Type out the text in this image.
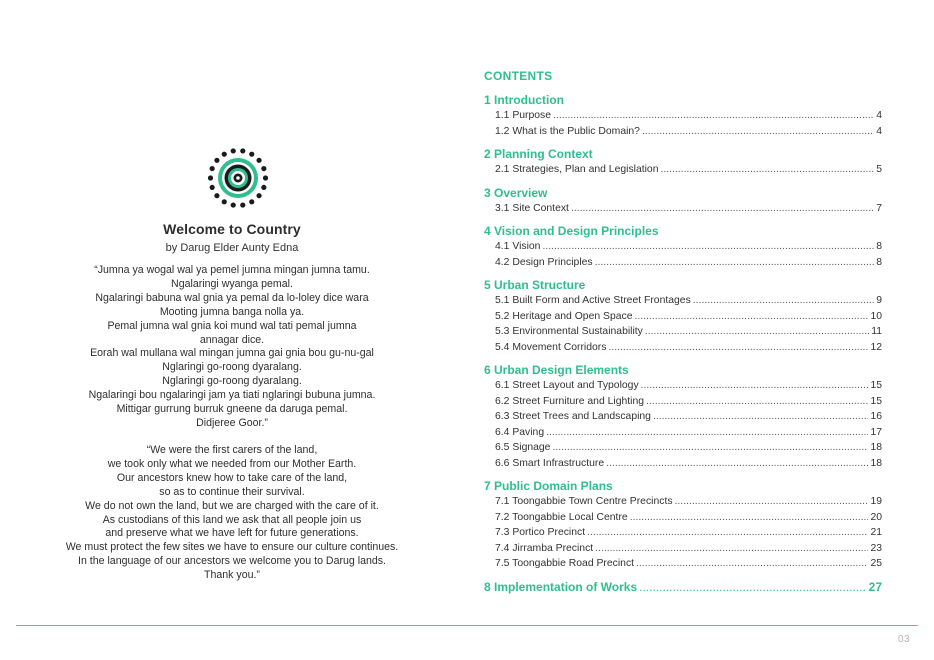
Welcome to Country
by Darug Elder Aunty Edna
“Jumna ya wogal wal ya pemel jumna mingan jumna tamu.
Ngalaringi wyanga pemal.
Ngalaringi babuna wal gnia ya pemal da lo-loley dice wara
Mooting jumna banga nolla ya.
Pemal jumna wal gnia koi mund wal tati pemal jumna
annagar dice.
Eorah wal mullana wal mingan jumna gai gnia bou gu-nu-gal
Nglaringi go-roong dyaralang.
Nglaringi go-roong dyaralang.
Ngalaringi bou ngalaringi jam ya tiati nglaringi bubuna jumna.
Mittigar gurrung burruk gneene da daruga pemal.
Didjeree Goor.”
“We were the first carers of the land,
we took only what we needed from our Mother Earth.
Our ancestors knew how to take care of the land,
so as to continue their survival.
We do not own the land, but we are charged with the care of it.
As custodians of this land we ask that all people join us
and preserve what we have left for future generations.
We must protect the few sites we have to ensure our culture continues.
In the language of our ancestors we welcome you to Darug lands.
Thank you.”
CONTENTS
1 Introduction
1.1 Purpose .....	4
1.2 What is the Public Domain? .....	4
2 Planning Context
2.1 Strategies, Plan and Legislation .....	5
3 Overview
3.1 Site Context .....	7
4 Vision and Design Principles
4.1 Vision .....	8
4.2 Design Principles .....	8
5 Urban Structure
5.1 Built Form and Active Street Frontages .....	9
5.2 Heritage and Open Space .....	10
5.3 Environmental Sustainability .....	11
5.4 Movement Corridors .....	12
6 Urban Design Elements
6.1 Street Layout and Typology .....	15
6.2 Street Furniture and Lighting .....	15
6.3 Street Trees and Landscaping .....	16
6.4 Paving .....	17
6.5 Signage .....	18
6.6 Smart Infrastructure .....	18
7 Public Domain Plans
7.1 Toongabbie Town Centre Precincts .....	19
7.2 Toongabbie Local Centre .....	20
7.3 Portico Precinct .....	21
7.4 Jirramba Precinct .....	23
7.5 Toongabbie Road Precinct .....	25
8 Implementation of Works .....	27
03
